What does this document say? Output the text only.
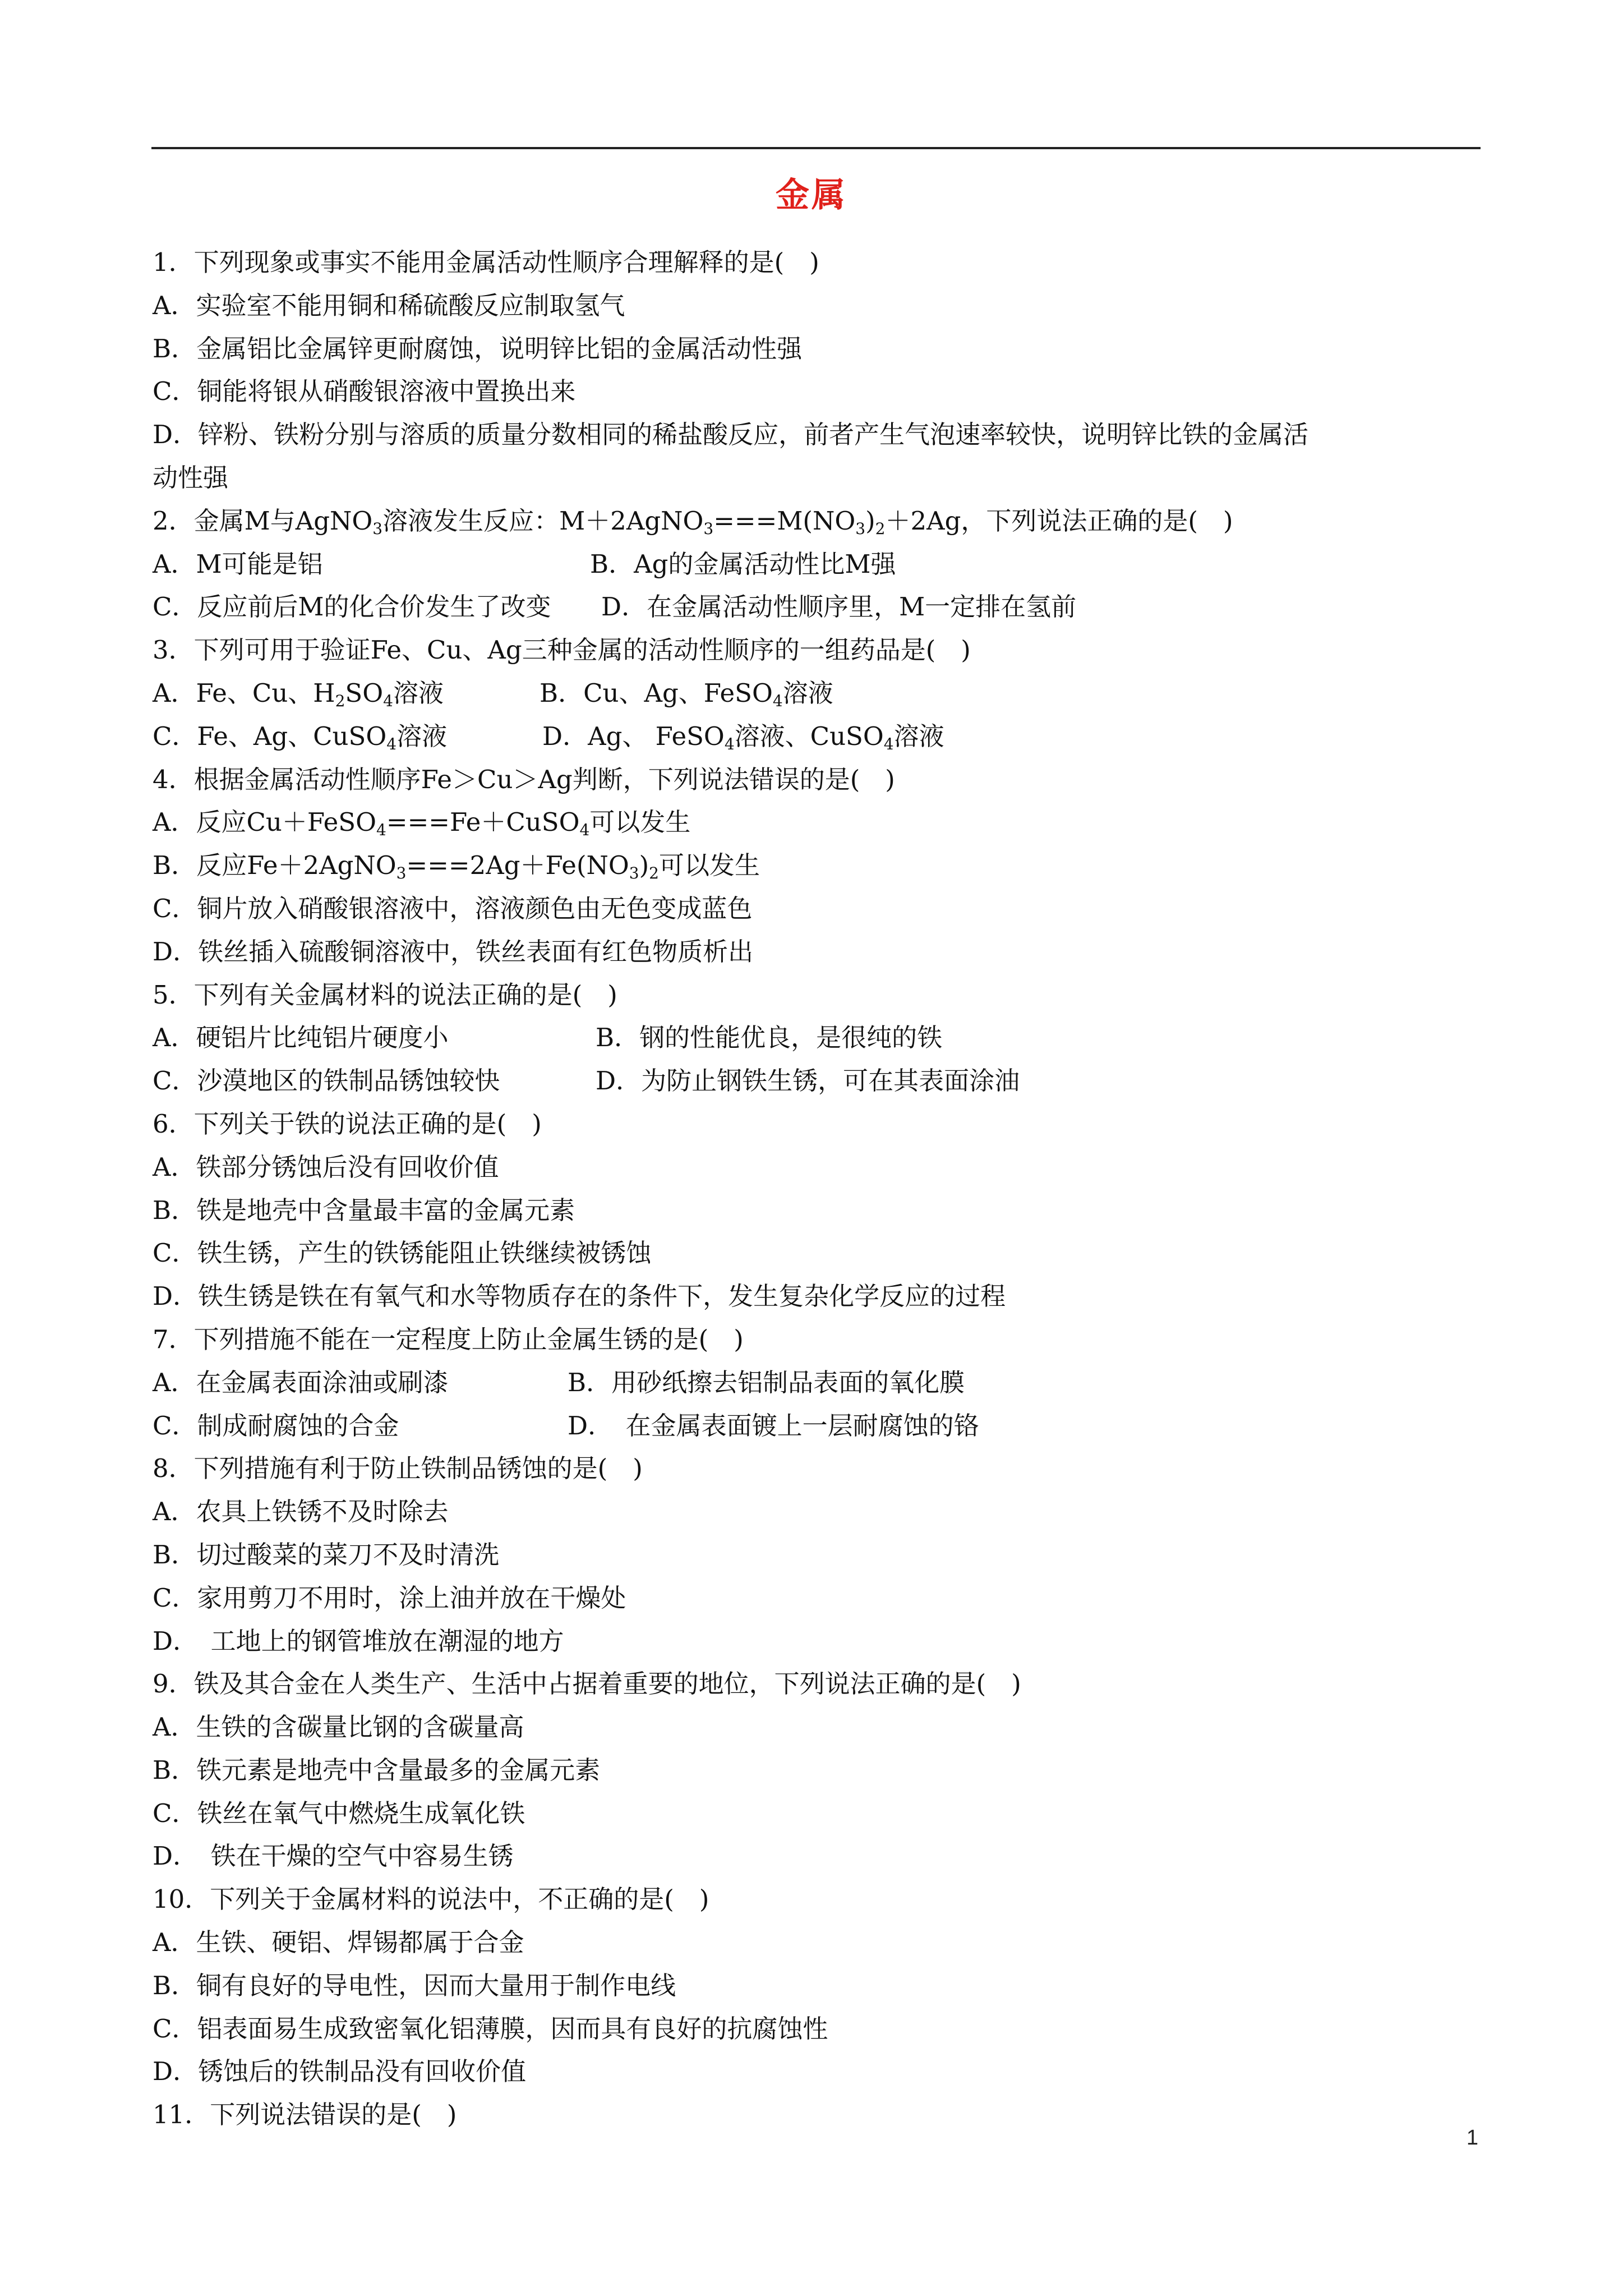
金属
1．下列现象或事实不能用金属活动性顺序合理解释的是(　)
A．实验室不能用铜和稀硫酸反应制取氢气
B．金属铝比金属锌更耐腐蚀，说明锌比铝的金属活动性强
C．铜能将银从硝酸银溶液中置换出来
D．锌粉、铁粉分别与溶质的质量分数相同的稀盐酸反应，前者产生气泡速率较快，说明锌比铁的金属活
动性强
2．金属M与AgNO$_3$溶液发生反应：$M+2AgNO_3===M(NO_3)_2+2Ag$，下列说法正确的是(　)
A．M可能是铝	B．Ag的金属活动性比M强
C．反应前后M的化合价发生了改变	D．在金属活动性顺序里，M一定排在氢前
3．下列可用于验证Fe、Cu、Ag三种金属的活动性顺序的一组药品是(　)
A．Fe、Cu、$H_2SO_4$溶液	B．Cu、Ag、FeSO$_4$溶液
C．Fe、Ag、CuSO$_4$溶液	D．Ag、 FeSO$_4$溶液、CuSO$_4$溶液
4．根据金属活动性顺序Fe＞Cu＞Ag判断，下列说法错误的是(　)
A．反应Cu＋FeSO$_4$===Fe＋CuSO$_4$可以发生
B．反应$Fe+2AgNO_3===2Ag+Fe(NO_3)_2$可以发生
C．铜片放入硝酸银溶液中，溶液颜色由无色变成蓝色
D．铁丝插入硫酸铜溶液中，铁丝表面有红色物质析出
5．下列有关金属材料的说法正确的是(　)
A．硬铝片比纯铝片硬度小	B．钢的性能优良，是很纯的铁
C．沙漠地区的铁制品锈蚀较快	D．为防止钢铁生锈，可在其表面涂油
6．下列关于铁的说法正确的是(　)
A．铁部分锈蚀后没有回收价值
B．铁是地壳中含量最丰富的金属元素
C．铁生锈，产生的铁锈能阻止铁继续被锈蚀
D．铁生锈是铁在有氧气和水等物质存在的条件下，发生复杂化学反应的过程
7．下列措施不能在一定程度上防止金属生锈的是(　)
A．在金属表面涂油或刷漆	B．用砂纸擦去铝制品表面的氧化膜
C．制成耐腐蚀的合金	D．　在金属表面镀上一层耐腐蚀的铬
8．下列措施有利于防止铁制品锈蚀的是(　)
A．农具上铁锈不及时除去
B．切过酸菜的菜刀不及时清洗
C．家用剪刀不用时，涂上油并放在干燥处
D．　工地上的钢管堆放在潮湿的地方
9．铁及其合金在人类生产、生活中占据着重要的地位，下列说法正确的是(　)
A．生铁的含碳量比钢的含碳量高
B．铁元素是地壳中含量最多的金属元素
C．铁丝在氧气中燃烧生成氧化铁
D．　铁在干燥的空气中容易生锈
10．下列关于金属材料的说法中，不正确的是(　)
A．生铁、硬铝、焊锡都属于合金
B．铜有良好的导电性，因而大量用于制作电线
C．铝表面易生成致密氧化铝薄膜，因而具有良好的抗腐蚀性
D．锈蚀后的铁制品没有回收价值
11．下列说法错误的是(　)
1
